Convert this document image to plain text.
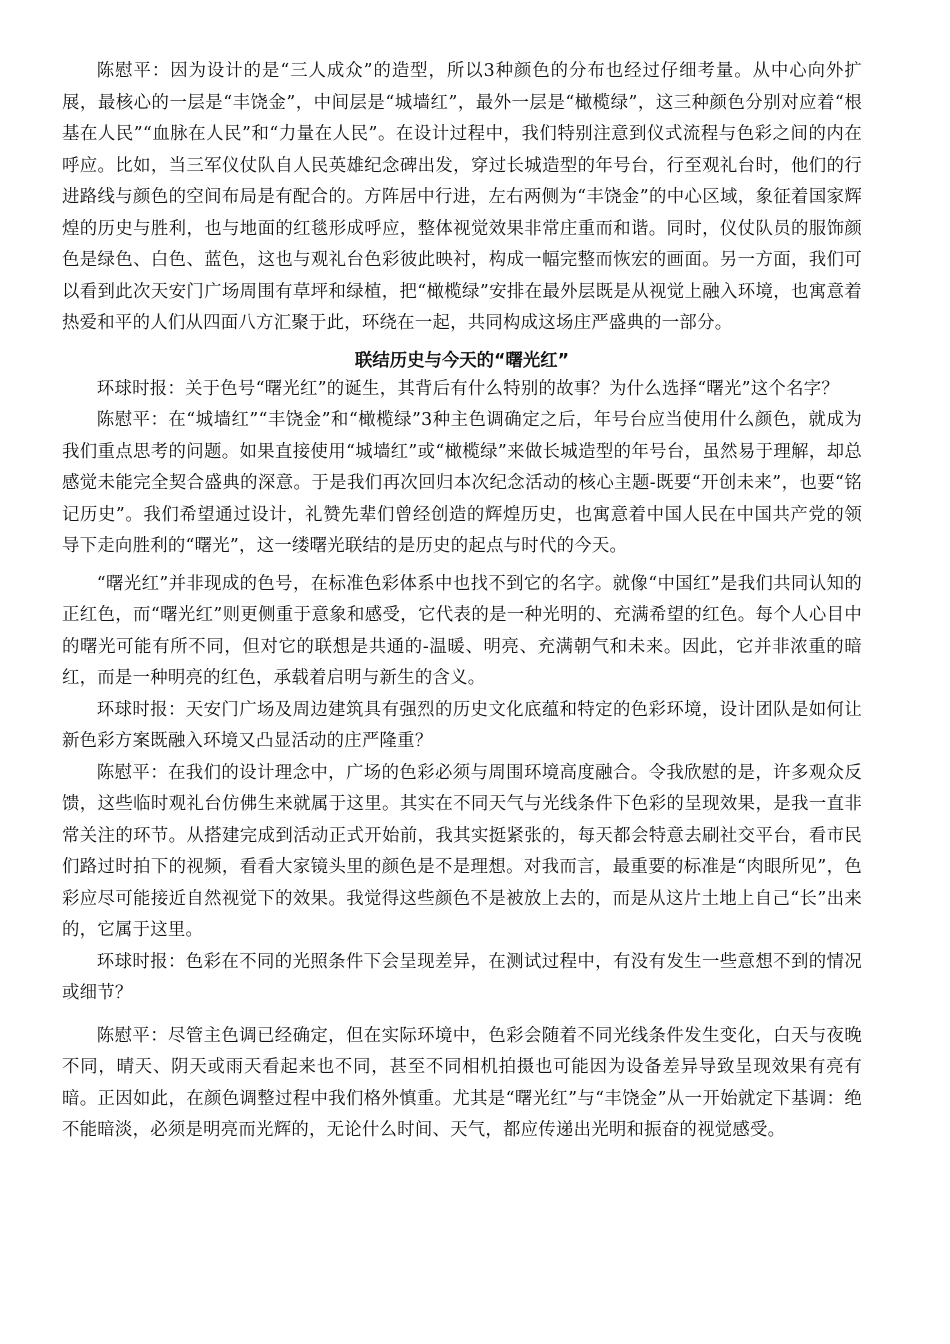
陈慰平：因为设计的是“三人成众”的造型，所以3种颜色的分布也经过仔细考量。从中心向外扩展，最核心的一层是“丰饶金”，中间层是“城墙红”，最外一层是“橄榄绿”，这三种颜色分别对应着“根基在人民”“血脉在人民”和“力量在人民”。在设计过程中，我们特别注意到仪式流程与色彩之间的内在呼应。比如，当三军仪仗队自人民英雄纪念碑出发，穿过长城造型的年号台，行至观礼台时，他们的行进路线与颜色的空间布局是有配合的。方阵居中行进，左右两侧为“丰饶金”的中心区域，象征着国家辉煌的历史与胜利，也与地面的红毯形成呼应，整体视觉效果非常庄重而和谐。同时，仪仗队员的服饰颜色是绿色、白色、蓝色，这也与观礼台色彩彼此映衬，构成一幅完整而恢宏的画面。另一方面，我们可以看到此次天安门广场周围有草坪和绿植，把“橄榄绿”安排在最外层既是从视觉上融入环境，也寓意着热爱和平的人们从四面八方汇聚于此，环绕在一起，共同构成这场庄严盛典的一部分。

联结历史与今天的“曙光红”

环球时报：关于色号“曙光红”的诞生，其背后有什么特别的故事？为什么选择“曙光”这个名字？

陈慰平：在“城墙红”“丰饶金”和“橄榄绿”3种主色调确定之后，年号台应当使用什么颜色，就成为我们重点思考的问题。如果直接使用“城墙红”或“橄榄绿”来做长城造型的年号台，虽然易于理解，却总感觉未能完全契合盛典的深意。于是我们再次回归本次纪念活动的核心主题-既要“开创未来”，也要“铭记历史”。我们希望通过设计，礼赞先辈们曾经创造的辉煌历史，也寓意着中国人民在中国共产党的领导下走向胜利的“曙光”，这一缕曙光联结的是历史的起点与时代的今天。

“曙光红”并非现成的色号，在标准色彩体系中也找不到它的名字。就像“中国红”是我们共同认知的正红色，而“曙光红”则更侧重于意象和感受，它代表的是一种光明的、充满希望的红色。每个人心目中的曙光可能有所不同，但对它的联想是共通的-温暖、明亮、充满朝气和未来。因此，它并非浓重的暗红，而是一种明亮的红色，承载着启明与新生的含义。

环球时报：天安门广场及周边建筑具有强烈的历史文化底蕴和特定的色彩环境，设计团队是如何让新色彩方案既融入环境又凸显活动的庄严隆重？

陈慰平：在我们的设计理念中，广场的色彩必须与周围环境高度融合。令我欣慰的是，许多观众反馈，这些临时观礼台仿佛生来就属于这里。其实在不同天气与光线条件下色彩的呈现效果，是我一直非常关注的环节。从搭建完成到活动正式开始前，我其实挺紧张的，每天都会特意去刷社交平台，看市民们路过时拍下的视频，看看大家镜头里的颜色是不是理想。对我而言，最重要的标准是“肉眼所见”，色彩应尽可能接近自然视觉下的效果。我觉得这些颜色不是被放上去的，而是从这片土地上自己“长”出来的，它属于这里。

环球时报：色彩在不同的光照条件下会呈现差异，在测试过程中，有没有发生一些意想不到的情况或细节？

陈慰平：尽管主色调已经确定，但在实际环境中，色彩会随着不同光线条件发生变化，白天与夜晚不同，晴天、阴天或雨天看起来也不同，甚至不同相机拍摄也可能因为设备差异导致呈现效果有亮有暗。正因如此，在颜色调整过程中我们格外慎重。尤其是“曙光红”与“丰饶金”从一开始就定下基调：绝不能暗淡，必须是明亮而光辉的，无论什么时间、天气，都应传递出光明和振奋的视觉感受。
